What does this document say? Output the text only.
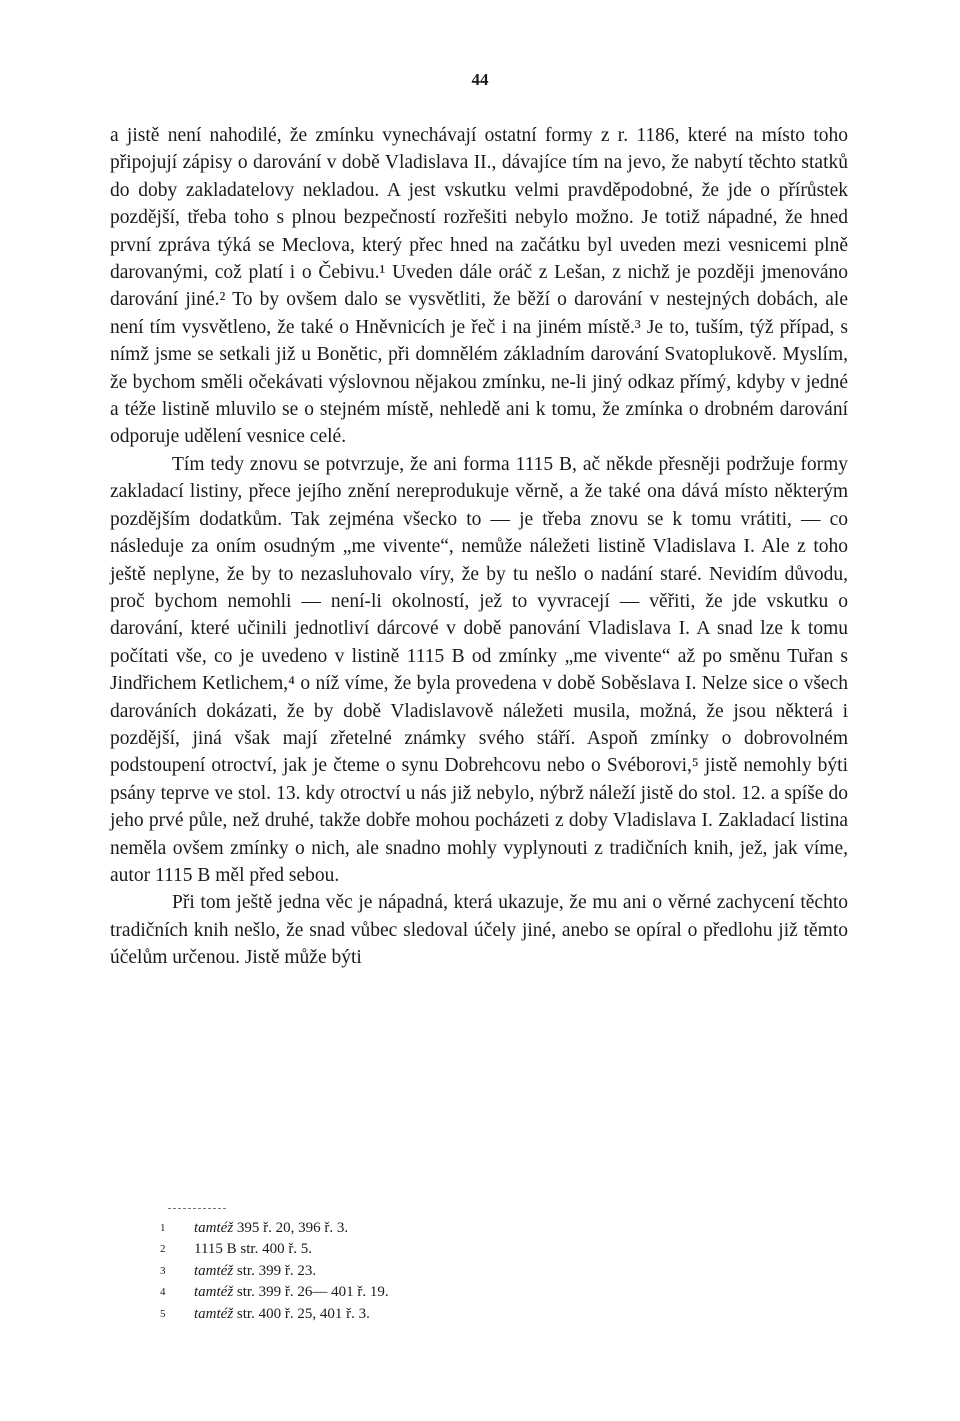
44

a jistě není nahodilé, že zmínku vynechávají ostatní formy z r. 1186, které na místo toho připojují zápisy o darování v době Vladislava II., dávajíce tím na jevo, že nabytí těchto statků do doby zakladatelovy nekladou. A jest vskutku velmi pravděpodobné, že jde o přírůstek pozdější, třeba toho s plnou bezpečností rozřešiti nebylo možno. Je totiž nápadné, že hned první zpráva týká se Meclova, který přec hned na začátku byl uveden mezi vesnicemi plně darovanými, což platí i o Čebivu.¹ Uveden dále oráč z Lešan, z nichž je později jmenováno darování jiné.² To by ovšem dalo se vysvětliti, že běží o darování v nestejných dobách, ale není tím vysvětleno, že také o Hněvnicích je řeč i na jiném místě.³ Je to, tuším, týž případ, s nímž jsme se setkali již u Bonětic, při domnělém základním darování Svatoplukově. Myslím, že bychom směli očekávati výslovnou nějakou zmínku, ne-li jiný odkaz přímý, kdyby v jedné a téže listině mluvilo se o stejném místě, nehledě ani k tomu, že zmínka o drobném darování odporuje udělení vesnice celé.

Tím tedy znovu se potvrzuje, že ani forma 1115 B, ač někde přesněji podržuje formy zakladací listiny, přece jejího znění nereprodukuje věrně, a že také ona dává místo některým pozdějším dodatkům. Tak zejména všecko to — je třeba znovu se k tomu vrátiti, — co následuje za oním osudným „me vivente“, nemůže náležeti listině Vladislava I. Ale z toho ještě neplyne, že by to nezasluhovalo víry, že by tu nešlo o nadání staré. Nevidím důvodu, proč bychom nemohli — není-li okolností, jež to vyvracejí — věřiti, že jde vskutku o darování, které učinili jednotliví dárcové v době panování Vladislava I. A snad lze k tomu počítati vše, co je uvedeno v listině 1115 B od zmínky „me vivente“ až po směnu Tuřan s Jindřichem Ketlichem,⁴ o níž víme, že byla provedena v době Soběslava I. Nelze sice o všech darováních dokázati, že by době Vladislavově náležeti musila, možná, že jsou některá i pozdější, jiná však mají zřetelné známky svého stáří. Aspoň zmínky o dobrovolném podstoupení otroctví, jak je čteme o synu Dobrehcovu nebo o Svéborovi,⁵ jistě nemohly býti psány teprve ve stol. 13. kdy otroctví u nás již nebylo, nýbrž náleží jistě do stol. 12. a spíše do jeho prvé půle, než druhé, takže dobře mohou pocházeti z doby Vladislava I. Zakladací listina neměla ovšem zmínky o nich, ale snadno mohly vyplynouti z tradičních knih, jež, jak víme, autor 1115 B měl před sebou.

Při tom ještě jedna věc je nápadná, která ukazuje, že mu ani o věrné zachycení těchto tradičních knih nešlo, že snad vůbec sledoval účely jiné, anebo se opíral o předlohu již těmto účelům určenou. Jistě může býti

1	tamtéž 395 ř. 20, 396 ř. 3.

2	1115 B str. 400 ř. 5.

3	tamtéž str. 399 ř. 23.

4	tamtéž str. 399 ř. 26— 401 ř. 19.

5	tamtéž str. 400 ř. 25, 401 ř. 3.
